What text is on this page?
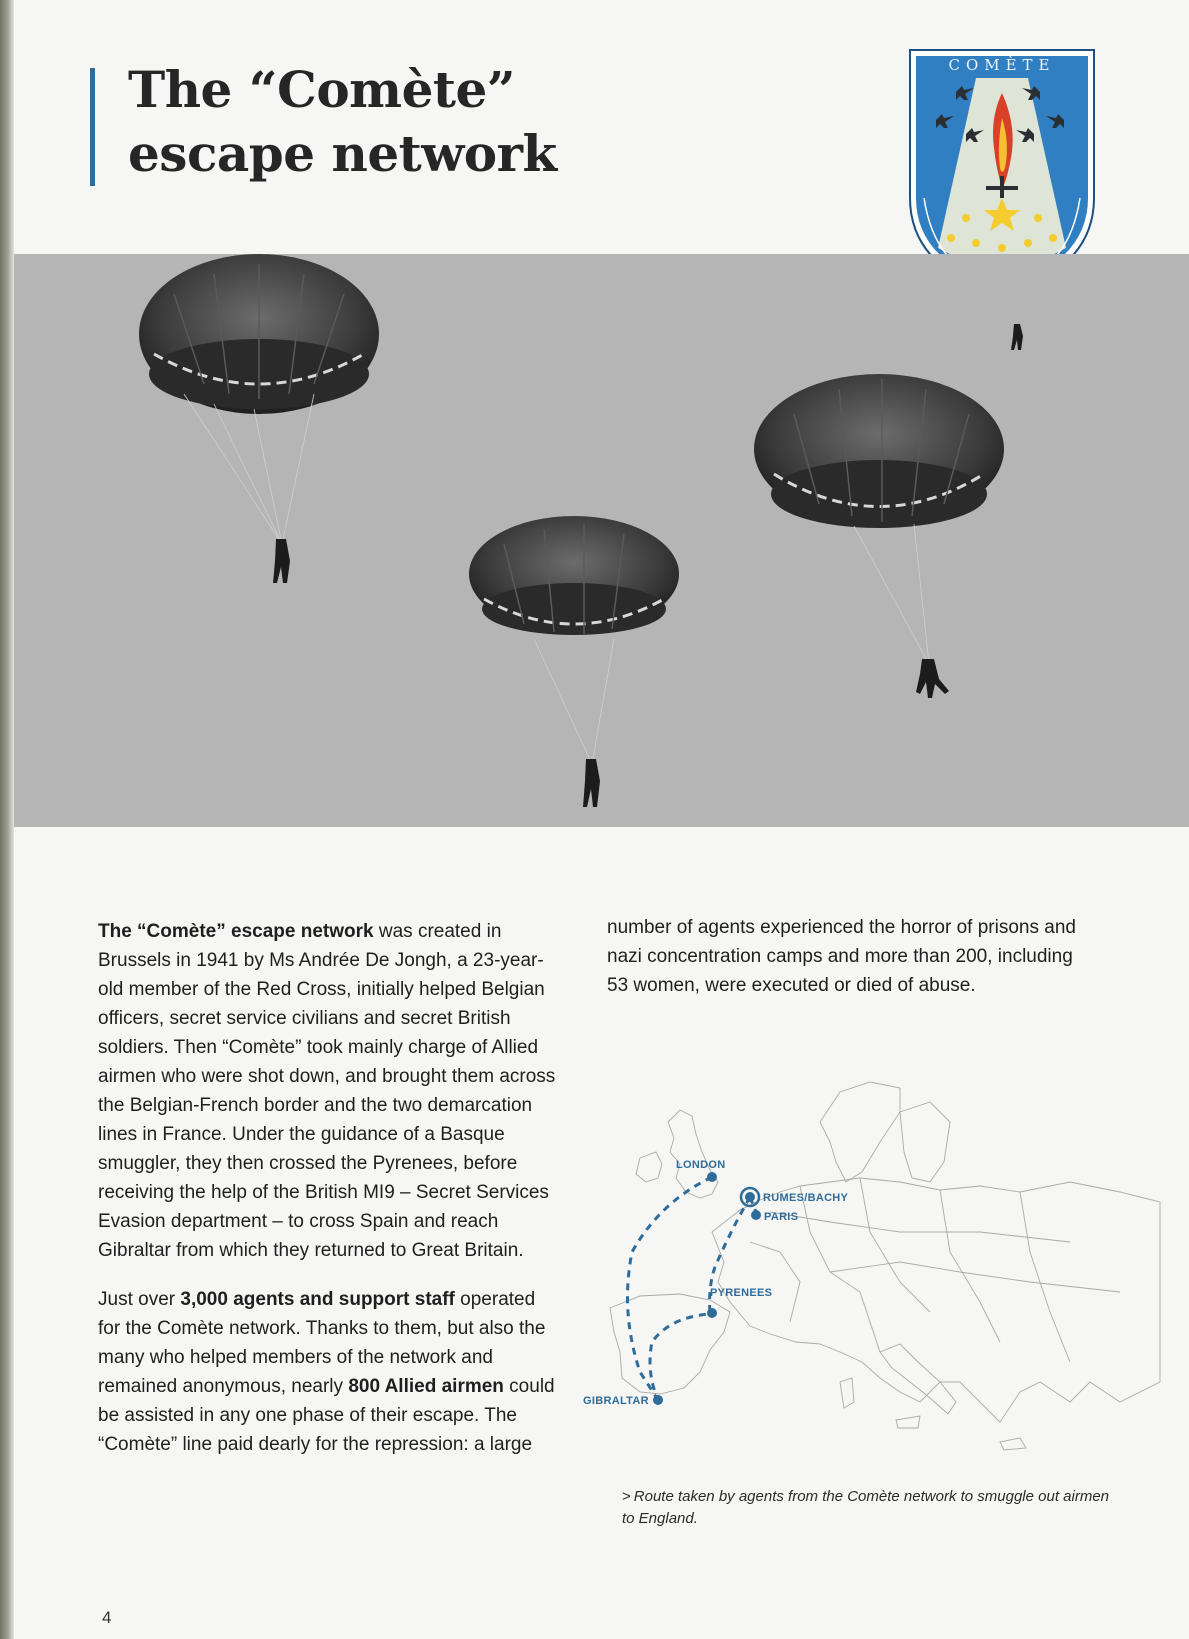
The “Comète”
escape network
COMÈTE

The “Comète” escape network was created in Brussels in 1941 by Ms Andrée De Jongh, a 23-year-old member of the Red Cross, initially helped Belgian officers, secret service civilians and secret British soldiers. Then “Comète” took mainly charge of Allied airmen who were shot down, and brought them across the Belgian-French border and the two demarcation lines in France. Under the guidance of a Basque smuggler, they then crossed the Pyrenees, before receiving the help of the British MI9 – Secret Services Evasion department – to cross Spain and reach Gibraltar from which they returned to Great Britain.

Just over 3,000 agents and support staff operated for the Comète network. Thanks to them, but also the many who helped members of the network and remained anonymous, nearly 800 Allied airmen could be assisted in any one phase of their escape. The “Comète” line paid dearly for the repression: a large

number of agents experienced the horror of prisons and nazi concentration camps and more than 200, including 53 women, were executed or died of abuse.

LONDON
RUMES/BACHY
PARIS
PYRENEES
GIBRALTAR
> Route taken by agents from the Comète network to smuggle out airmen to England.
4
